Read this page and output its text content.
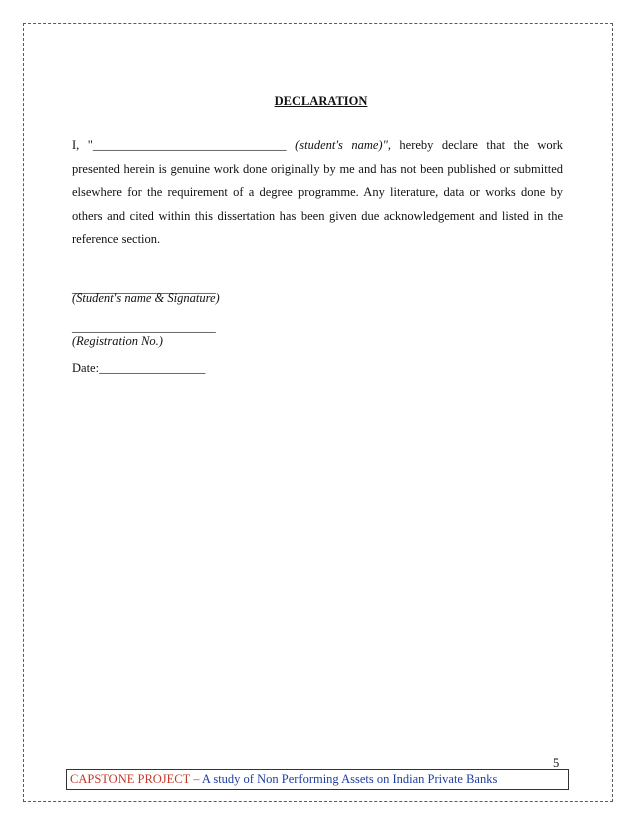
DECLARATION

I, "_______________________________ (student's name)", hereby declare that the work presented herein is genuine work done originally by me and has not been published or submitted elsewhere for the requirement of a degree programme. Any literature, data or works done by others and cited within this dissertation has been given due acknowledgement and listed in the reference section.

_______________________
(Student's name & Signature)
_______________________
(Registration No.)
Date:_________________
5
CAPSTONE PROJECT – A study of Non Performing Assets on Indian Private Banks
